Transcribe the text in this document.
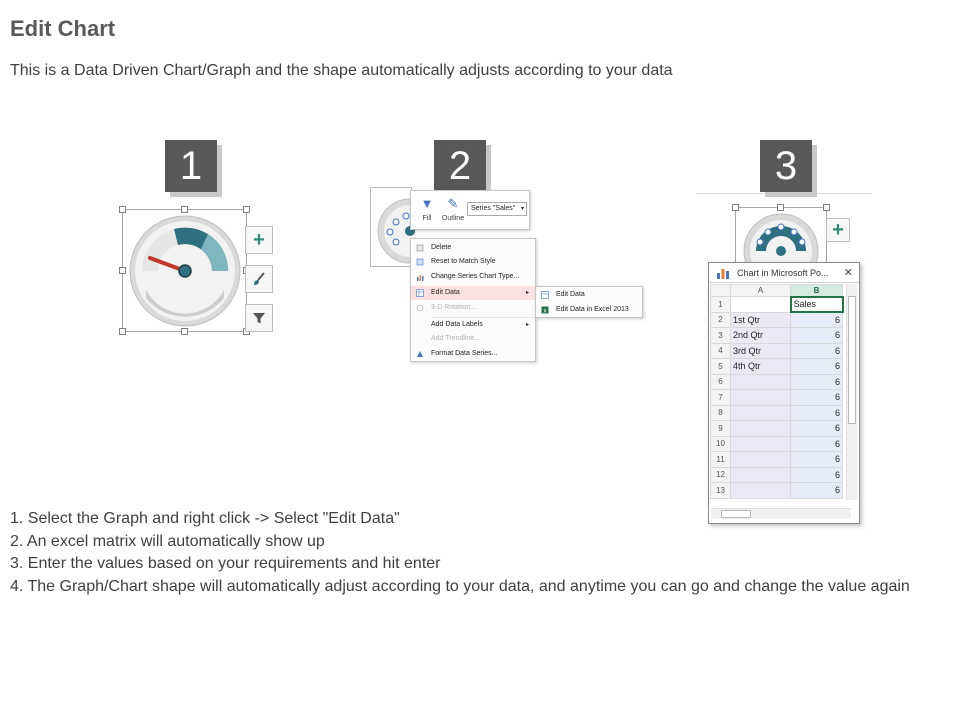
Edit Chart
This is a Data Driven Chart/Graph and the shape automatically adjusts according to your data
1
+
2
▼
Fill
✎
Outline
Series "Sales" ▾
Delete
Reset to Match Style
Change Series Chart Type...
Edit Data	▸
3-D Rotation...
Add Data Labels	▸
Add Trendline...
Format Data Series...
Edit Data
x Edit Data in Excel 2013
3
+
Chart in Microsoft Po... ✕
	A	B
1		Sales
2	1st Qtr	6
3	2nd Qtr	6
4	3rd Qtr	6
5	4th Qtr	6
6		6
7		6
8		6
9		6
10		6
11		6
12		6
13		6

1. Select the Graph and right click -> Select "Edit Data"

2. An excel matrix will automatically show up

3. Enter the values based on your requirements and hit enter

4. The Graph/Chart shape will automatically adjust according to your data, and anytime you can go and change the value again
